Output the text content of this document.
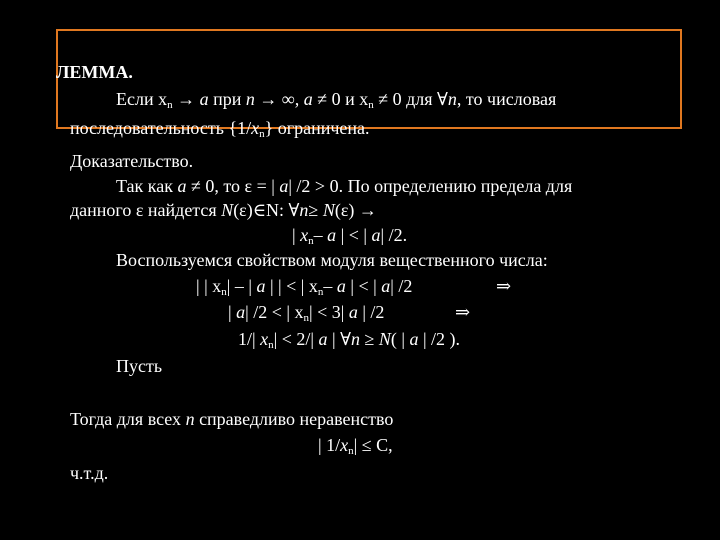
ЛЕММА.
Если $x_n \to a$ при n → ∞, a ≠ 0 и $x_n \ne 0$ для ∀n, то числовая
последовательность $\{1/x_n\}$ ограничена.
Доказательство.
Так как a ≠ 0, то ε = | a| /2 > 0. По определению предела для
данного ε найдется N(ε)∈N: ∀n≥ N(ε) →
| $x_n-$ a | < | a| /2.
Воспользуемся свойством модуля вещественного числа:
| | $x_n|$ – | a | | < | $x_n-$ a | < | a| /2	⇒
| a| /2 < | $x_n| < 3|$ a | /2	⇒
1/| $x_n| < 2/|$ a | ∀n ≥ N( | a | /2 ).
Пусть
Тогда для всех n справедливо неравенство
| $1/x_n| \le C$,
ч.т.д.
